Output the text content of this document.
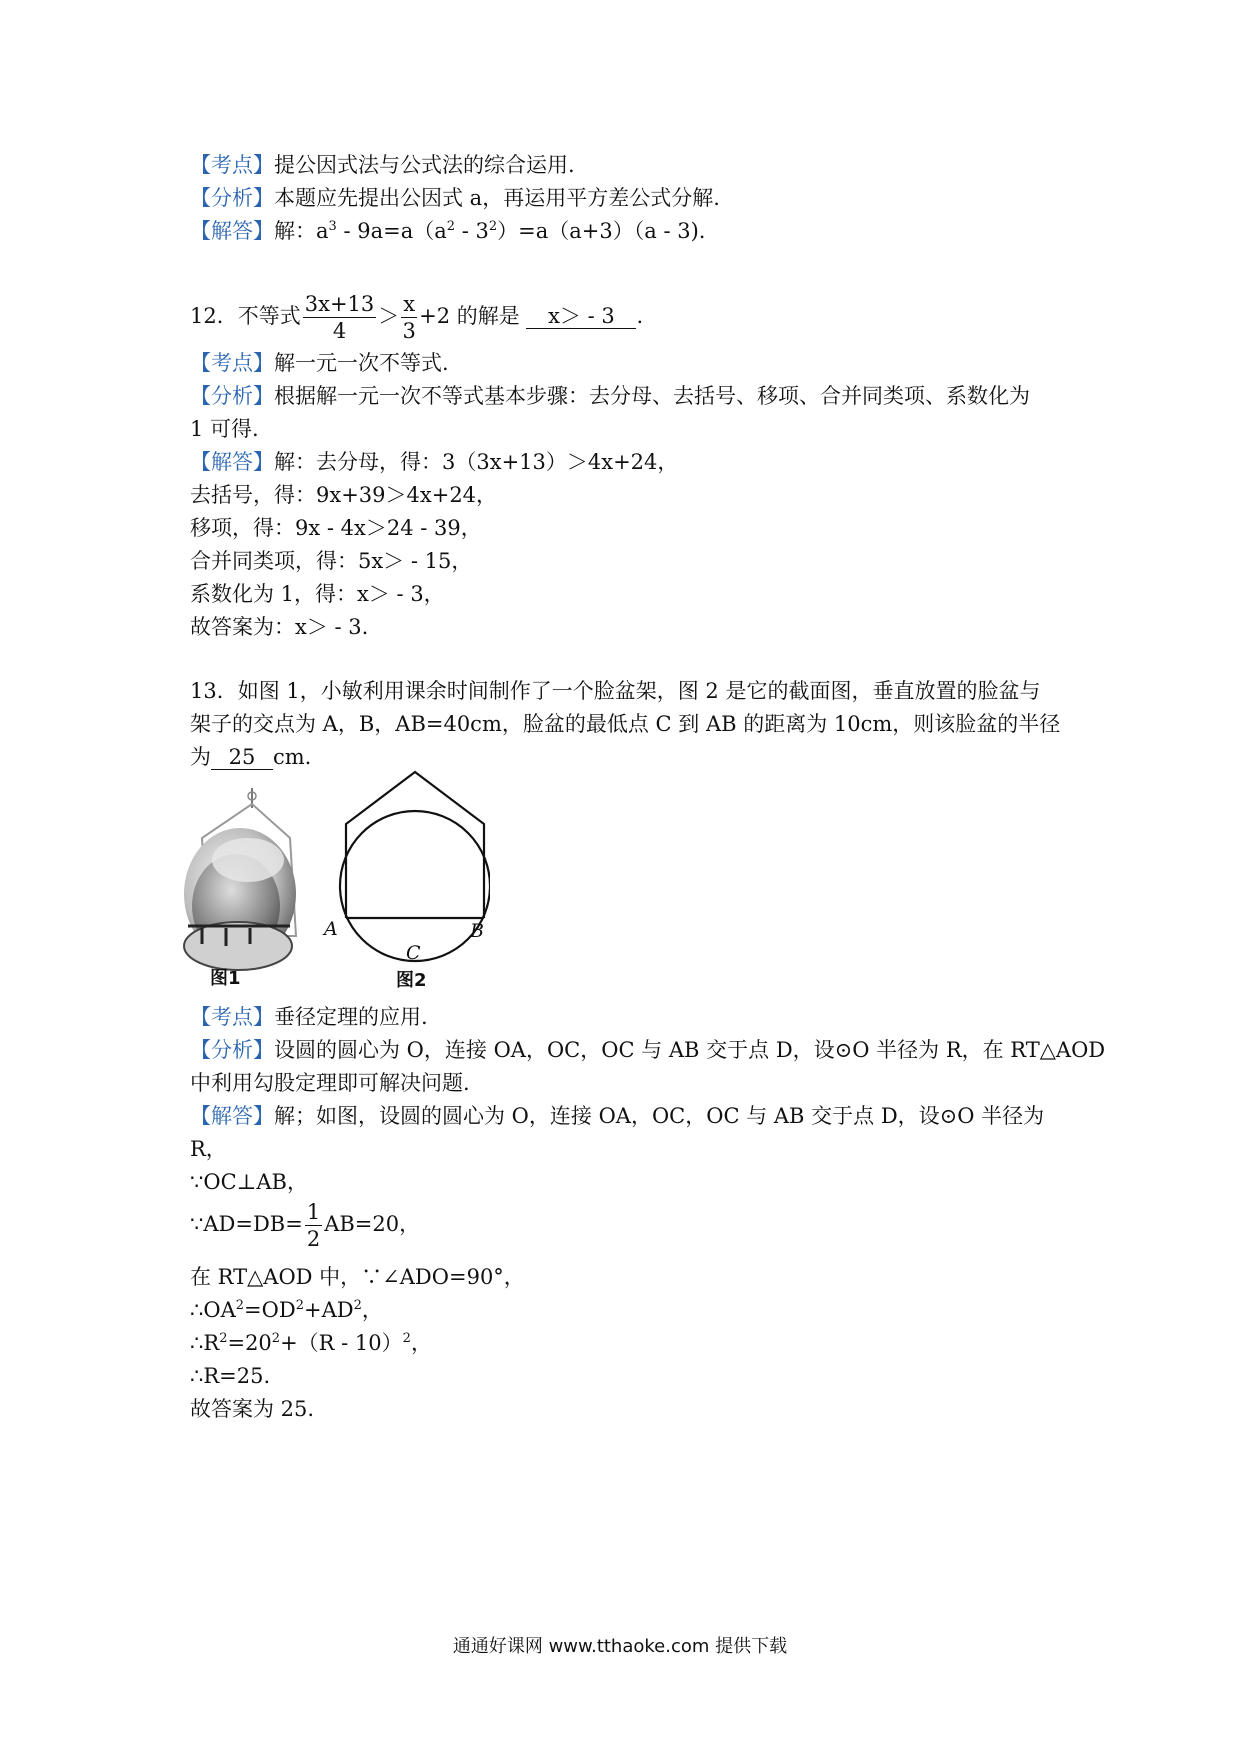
【考点】提公因式法与公式法的综合运用.
【分析】本题应先提出公因式 a，再运用平方差公式分解.
【解答】解：$a^3 - 9a=a(a^2 - 3^2)=a(a+3)(a - 3)$.
12．不等式 $\frac{3x+13}{4} > \frac{x}{3} +2$ 的解是 x＞ - 3 .
【考点】解一元一次不等式.
【分析】根据解一元一次不等式基本步骤：去分母、去括号、移项、合并同类项、系数化为
1 可得.
【解答】解：去分母，得：3（3x+13）＞4x+24，
去括号，得：9x+39＞4x+24，
移项，得：9x - 4x＞24 - 39，
合并同类项，得：5x＞ - 15，
系数化为 1，得：x＞ - 3，
故答案为：x＞ - 3.
13．如图 1，小敏利用课余时间制作了一个脸盆架，图 2 是它的截面图，垂直放置的脸盆与
架子的交点为 A，B，AB=40cm，脸盆的最低点 C 到 AB 的距离为 10cm，则该脸盆的半径
为 25 cm.
图1
A	B
C
图2
【考点】垂径定理的应用.
【分析】设圆的圆心为 O，连接 OA，OC，OC 与 AB 交于点 D，设⊙O 半径为 R，在 RT△AOD
中利用勾股定理即可解决问题.
【解答】解；如图，设圆的圆心为 O，连接 OA，OC，OC 与 AB 交于点 D，设⊙O 半径为
R，
∵OC⊥AB，
∵AD=DB= $\frac{1}{2} AB=20$，
在 RT△AOD 中，∵∠ADO=90°，
$\therefore OA^2=OD^2+AD^2$，
$\therefore R^2=20^2+(R - 10)^2$，
∴R=25.
故答案为 25.
通通好课网 www.tthaoke.com 提供下载
